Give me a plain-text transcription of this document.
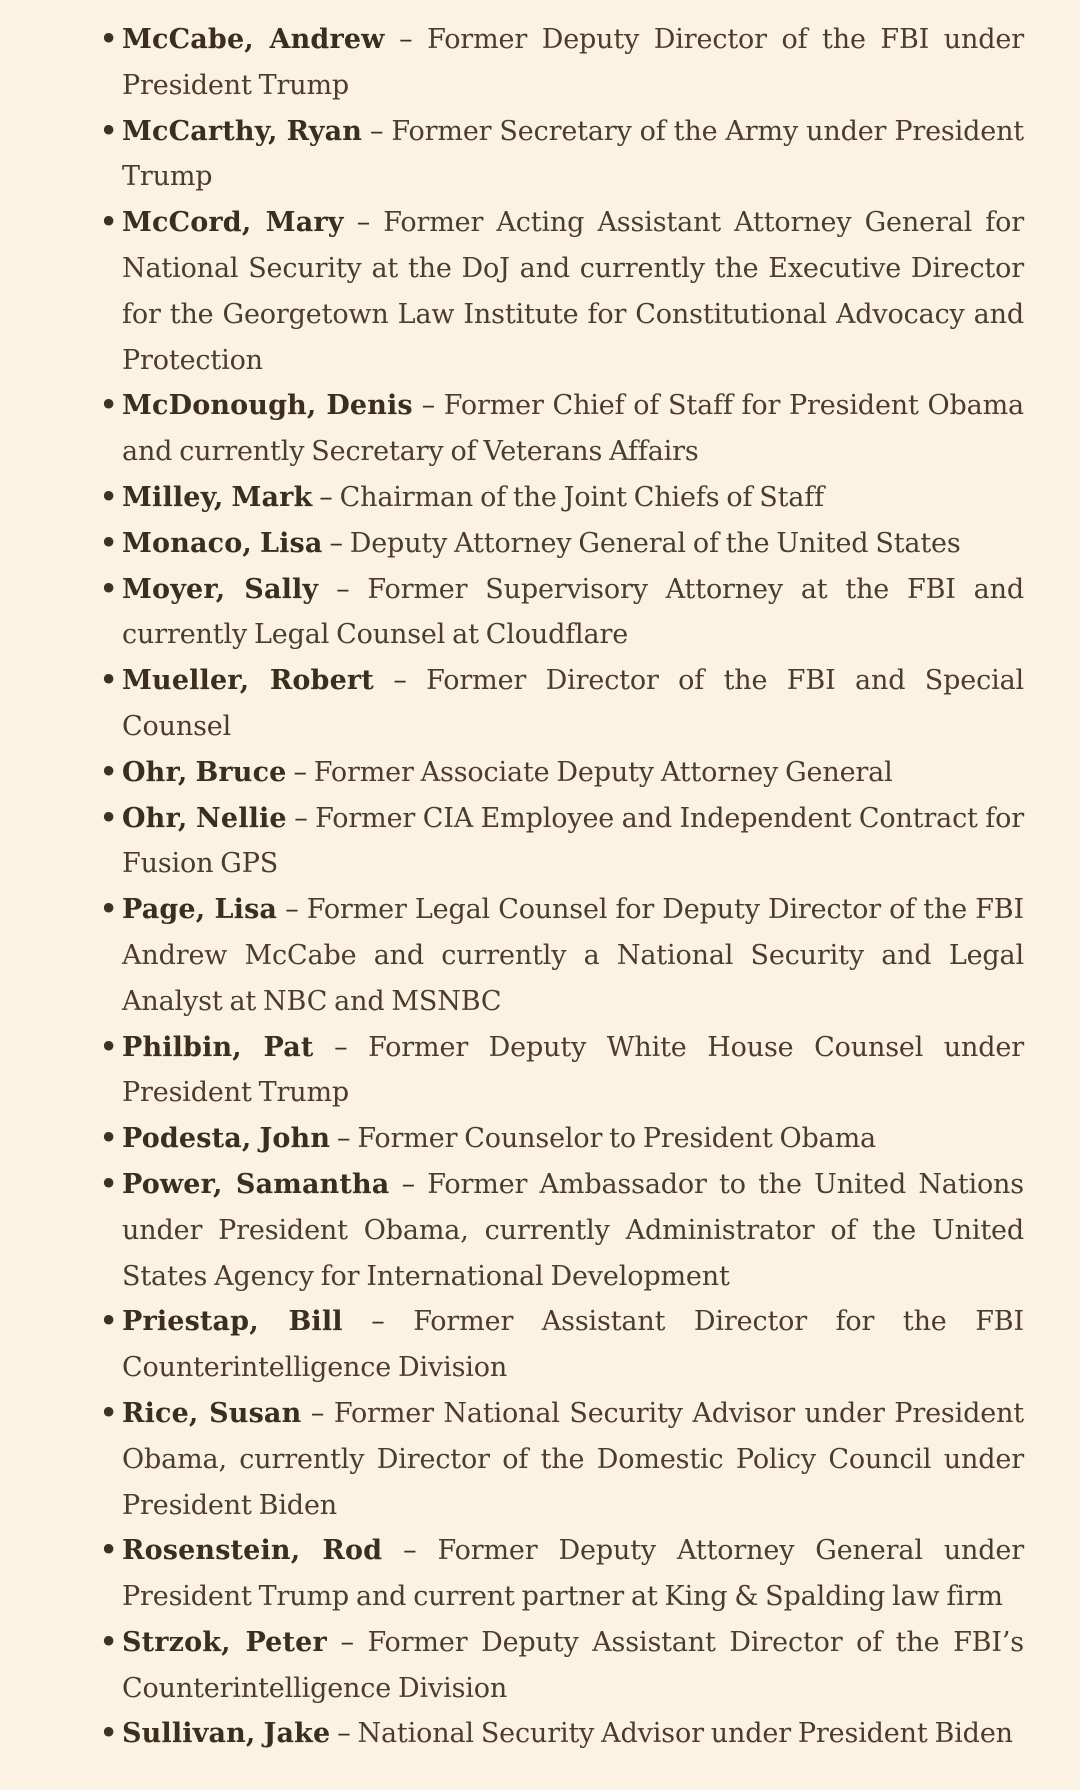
• McCabe, Andrew – Former Deputy Director of the FBI under President Trump
• McCarthy, Ryan – Former Secretary of the Army under President Trump
• McCord, Mary – Former Acting Assistant Attorney General for National Security at the DoJ and currently the Executive Director for the Georgetown Law Institute for Constitutional Advocacy and Protection
• McDonough, Denis – Former Chief of Staff for President Obama and currently Secretary of Veterans Affairs
• Milley, Mark – Chairman of the Joint Chiefs of Staff
• Monaco, Lisa – Deputy Attorney General of the United States
• Moyer, Sally – Former Supervisory Attorney at the FBI and currently Legal Counsel at Cloudflare
• Mueller, Robert – Former Director of the FBI and Special Counsel
• Ohr, Bruce – Former Associate Deputy Attorney General
• Ohr, Nellie – Former CIA Employee and Independent Contract for Fusion GPS
• Page, Lisa – Former Legal Counsel for Deputy Director of the FBI Andrew McCabe and currently a National Security and Legal Analyst at NBC and MSNBC
• Philbin, Pat – Former Deputy White House Counsel under President Trump
• Podesta, John – Former Counselor to President Obama
• Power, Samantha – Former Ambassador to the United Nations under President Obama, currently Administrator of the United States Agency for International Development
• Priestap, Bill – Former Assistant Director for the FBI Counterintelligence Division
• Rice, Susan – Former National Security Advisor under President Obama, currently Director of the Domestic Policy Council under President Biden
• Rosenstein, Rod – Former Deputy Attorney General under President Trump and current partner at King & Spalding law firm
• Strzok, Peter – Former Deputy Assistant Director of the FBI’s Counterintelligence Division
• Sullivan, Jake – National Security Advisor under President Biden
